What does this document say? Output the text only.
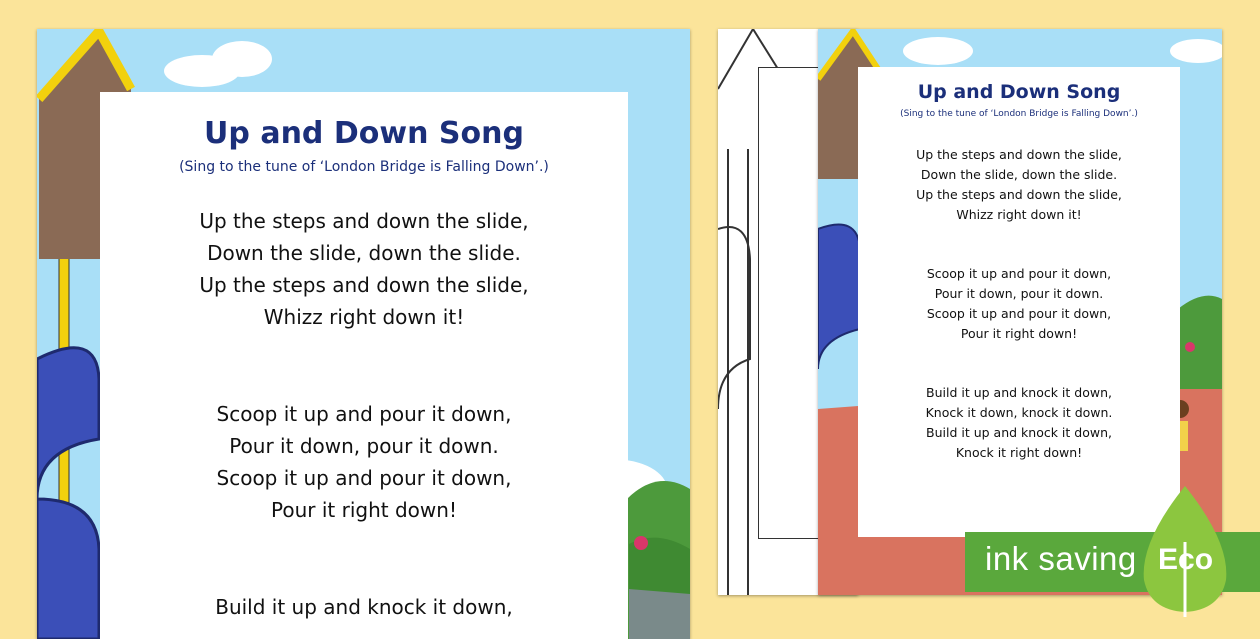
Up and Down Song

(Sing to the tune of ‘London Bridge is Falling Down’.)

Up the steps and down the slide,
Down the slide, down the slide.
Up the steps and down the slide,
Whizz right down it!
Scoop it up and pour it down,
Pour it down, pour it down.
Scoop it up and pour it down,
Pour it right down!
Build it up and knock it down,
Up and Down Song

(Sing to the tune of ‘London Bridge is Falling Down’.)

Up the steps and down the slide,
Down the slide, down the slide.
Up the steps and down the slide,
Whizz right down it!
Scoop it up and pour it down,
Pour it down, pour it down.
Scoop it up and pour it down,
Pour it right down!
Build it up and knock it down,
Knock it down, knock it down.
Build it up and knock it down,
Knock it right down!
ink saving Eco
